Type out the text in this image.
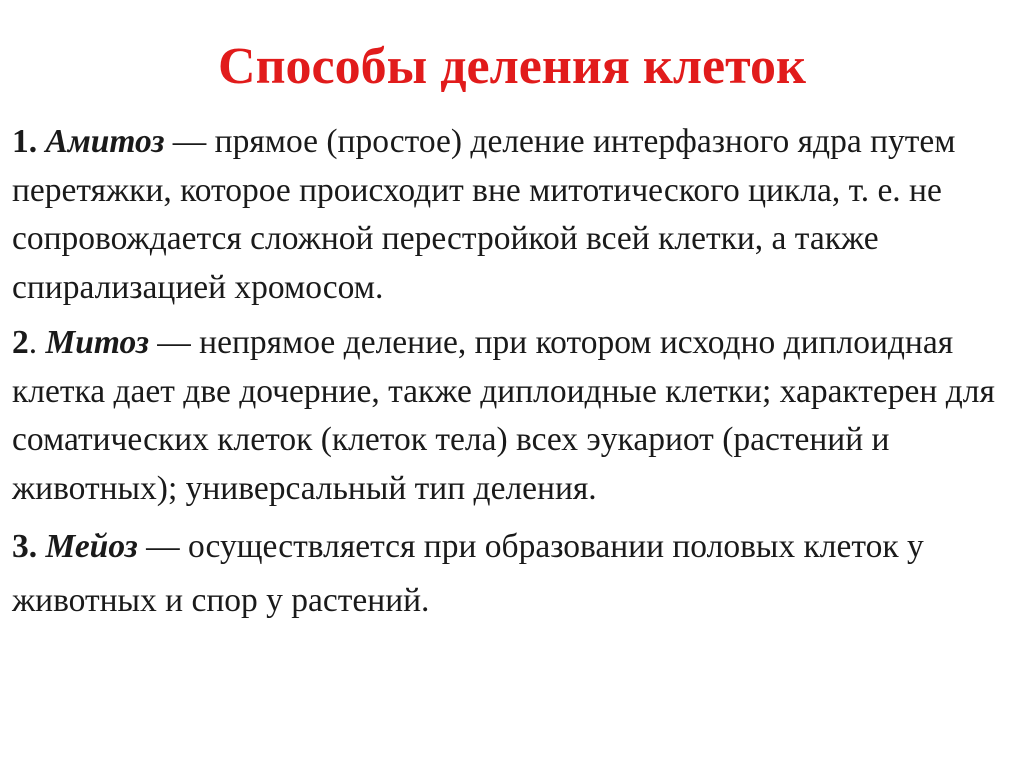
Способы деления клеток

1. Амитоз — прямое (простое) деление интерфазного ядра путем перетяжки, которое происходит вне митотического цикла, т. е. не сопровождается сложной перестройкой всей клетки, а также спирализацией хромосом.

2. Митоз — непрямое деление, при котором исходно диплоидная клетка дает две дочерние, также диплоидные клетки; характерен для соматических клеток (клеток тела) всех эукариот (растений и животных); универсальный тип деления.

3. Мейоз — осуществляется при образовании половых клеток у животных и спор у растений.
